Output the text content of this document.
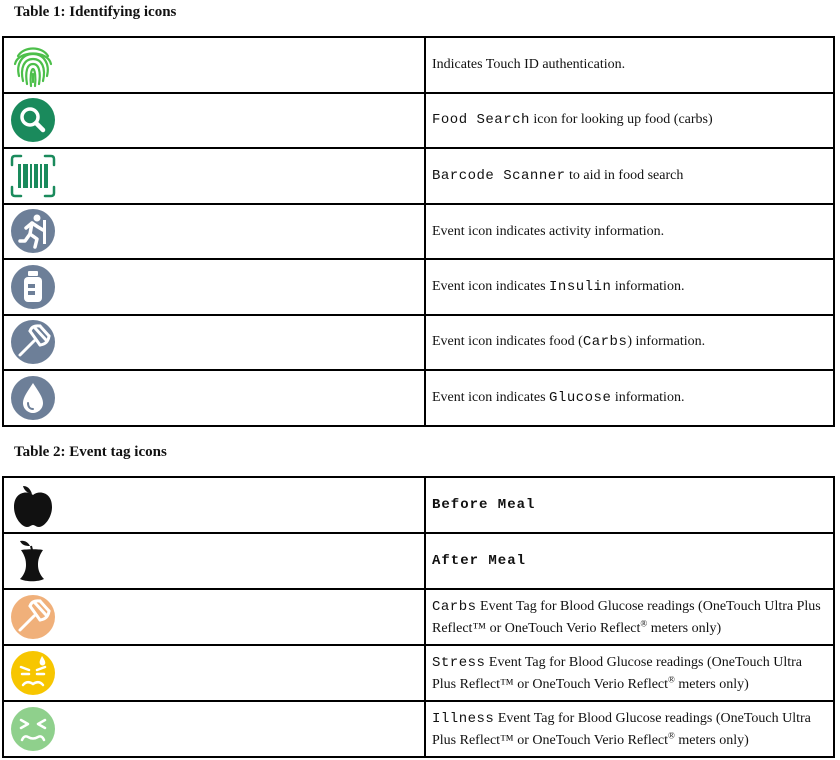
Table 1: Identifying icons
	Indicates Touch ID authentication.

	Food Search icon for looking up food (carbs)

	Barcode Scanner to aid in food search

	Event icon indicates activity information.

	Event icon indicates Insulin information.

	Event icon indicates food (Carbs) information.

	Event icon indicates Glucose information.
Table 2: Event tag icons
	Before Meal

	After Meal

	Carbs Event Tag for Blood Glucose readings (OneTouch Ultra Plus Reflect™ or OneTouch Verio Reflect® meters only)

	Stress Event Tag for Blood Glucose readings (OneTouch Ultra Plus Reflect™ or OneTouch Verio Reflect® meters only)

	Illness Event Tag for Blood Glucose readings (OneTouch Ultra Plus Reflect™ or OneTouch Verio Reflect® meters only)
